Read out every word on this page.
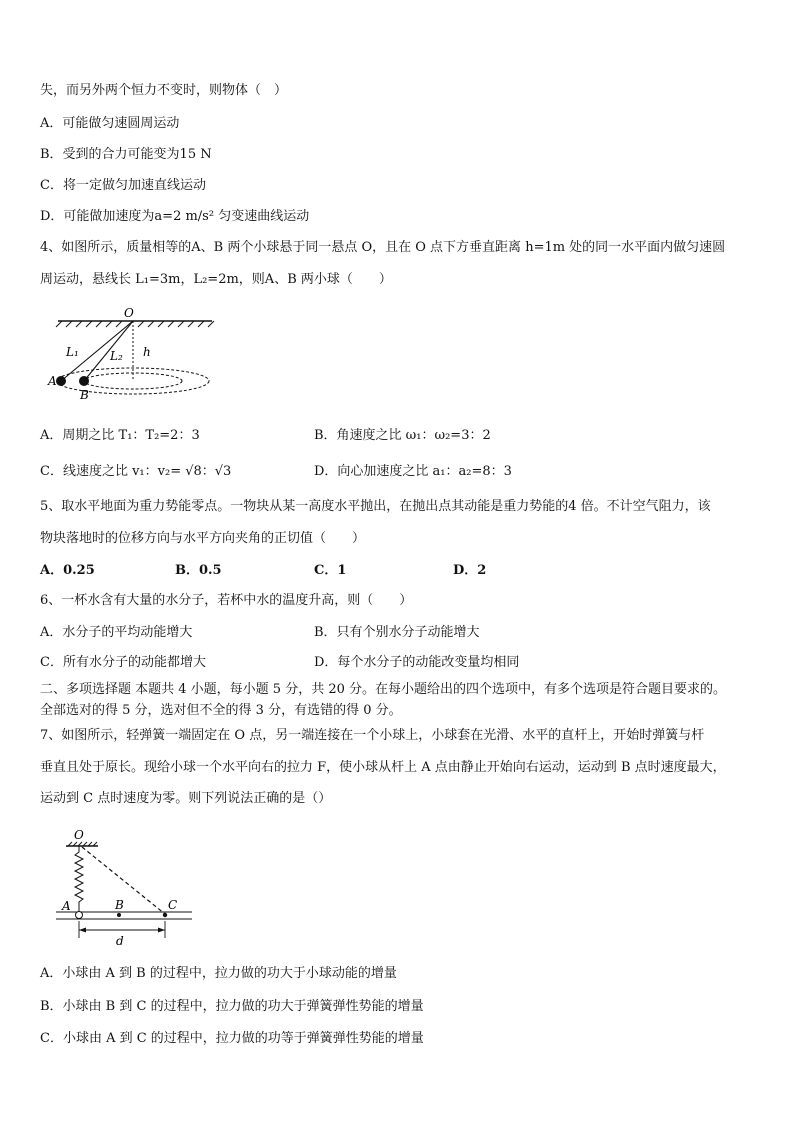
失，而另外两个恒力不变时，则物体（　）
A．可能做匀速圆周运动
B．受到的合力可能变为15 N
C．将一定做匀加速直线运动
D．可能做加速度为a=2 m/s² 匀变速曲线运动
4、如图所示，质量相等的A、B 两个小球悬于同一悬点 O，且在 O 点下方垂直距离 h=1m 处的同一水平面内做匀速圆
周运动，悬线长 L₁=3m，L₂=2m，则A、B 两小球（　　）
O
L₁	L₂ h
A
B
A．周期之比 T₁：T₂=2：3	B．角速度之比 ω₁：ω₂=3：2
C．线速度之比 v₁：v₂= √8：√3	D．向心加速度之比 a₁：a₂=8：3
5、取水平地面为重力势能零点。一物块从某一高度水平抛出，在抛出点其动能是重力势能的4 倍。不计空气阻力，该
物块落地时的位移方向与水平方向夹角的正切值（　　）
A．0.25	B．0.5	C．1	D．2
6、一杯水含有大量的水分子，若杯中水的温度升高，则（　　）
A．水分子的平均动能增大	B．只有个别水分子动能增大
C．所有水分子的动能都增大	D．每个水分子的动能改变量均相同
二、多项选择题 本题共 4 小题，每小题 5 分，共 20 分。在每小题给出的四个选项中，有多个选项是符合题目要求的。
全部选对的得 5 分，选对但不全的得 3 分，有选错的得 0 分。
7、如图所示，轻弹簧一端固定在 O 点，另一端连接在一个小球上，小球套在光滑、水平的直杆上，开始时弹簧与杆
垂直且处于原长。现给小球一个水平向右的拉力 F，使小球从杆上 A 点由静止开始向右运动，运动到 B 点时速度最大，
运动到 C 点时速度为零。则下列说法正确的是（）
O
A	B	C
d
A．小球由 A 到 B 的过程中，拉力做的功大于小球动能的增量
B．小球由 B 到 C 的过程中，拉力做的功大于弹簧弹性势能的增量
C．小球由 A 到 C 的过程中，拉力做的功等于弹簧弹性势能的增量
